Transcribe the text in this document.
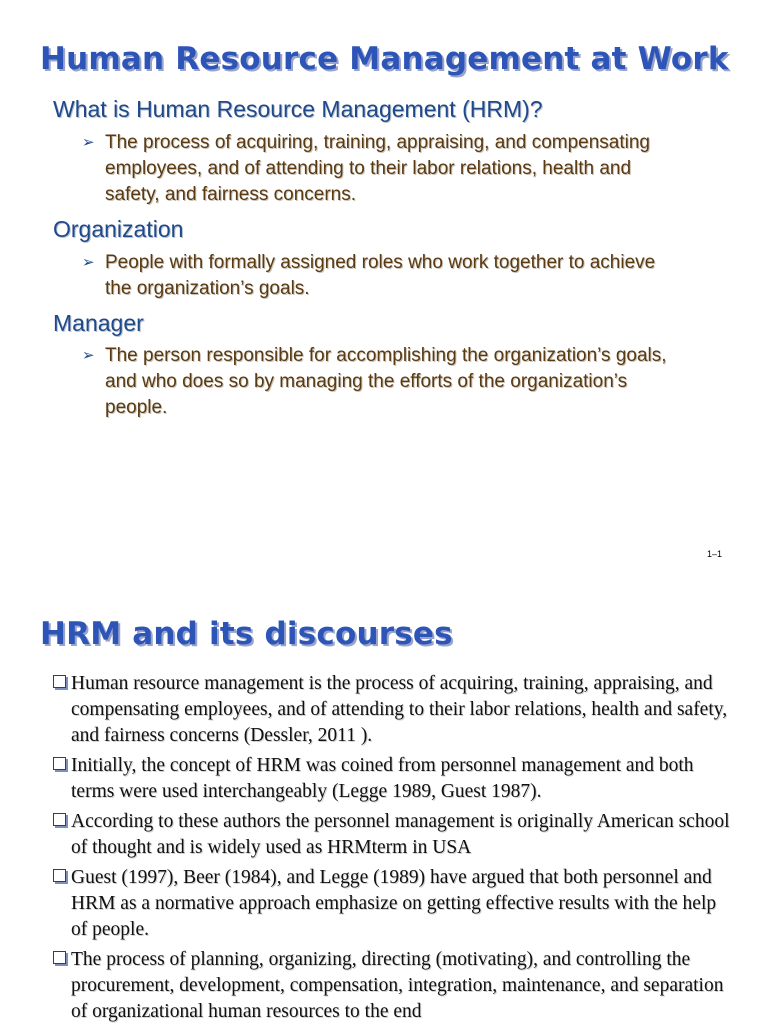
Human Resource Management at Work
What is Human Resource Management (HRM)?
➢ The process of acquiring, training, appraising, and compensating employees, and of attending to their labor relations, health and safety, and fairness concerns.
Organization
➢ People with formally assigned roles who work together to achieve the organization’s goals.
Manager
➢ The person responsible for accomplishing the organization’s goals, and who does so by managing the efforts of the organization’s people.
1–1
HRM and its discourses
Human resource management is the process of acquiring, training, appraising, and compensating employees, and of attending to their labor relations, health and safety, and fairness concerns (Dessler, 2011 ).
Initially, the concept of HRM was coined from personnel management and both terms were used interchangeably (Legge 1989, Guest 1987).
According to these authors the personnel management is originally American school of thought and is widely used as HRMterm in USA
Guest (1997), Beer (1984), and Legge (1989) have argued that both personnel and HRM as a normative approach emphasize on getting effective results with the help of people.
The process of planning, organizing, directing (motivating), and controlling the procurement, development, compensation, integration, maintenance, and separation of organizational human resources to the end
